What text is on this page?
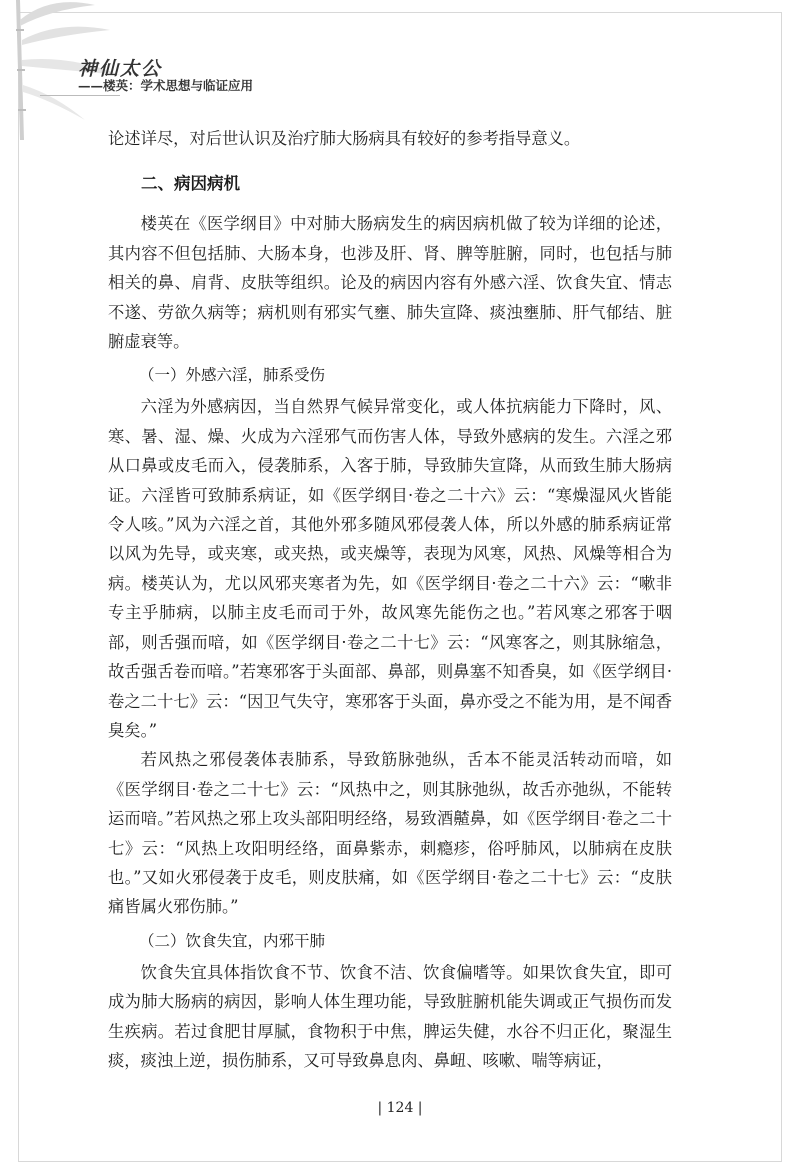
神仙太公
——楼英：学术思想与临证应用

论述详尽，对后世认识及治疗肺大肠病具有较好的参考指导意义。

二、病因病机

楼英在《医学纲目》中对肺大肠病发生的病因病机做了较为详细的论述，其内容不但包括肺、大肠本身，也涉及肝、肾、脾等脏腑，同时，也包括与肺相关的鼻、肩背、皮肤等组织。论及的病因内容有外感六淫、饮食失宜、情志不遂、劳欲久病等；病机则有邪实气壅、肺失宣降、痰浊壅肺、肝气郁结、脏腑虚衰等。

（一）外感六淫，肺系受伤

六淫为外感病因，当自然界气候异常变化，或人体抗病能力下降时，风、寒、暑、湿、燥、火成为六淫邪气而伤害人体，导致外感病的发生。六淫之邪从口鼻或皮毛而入，侵袭肺系，入客于肺，导致肺失宣降，从而致生肺大肠病证。六淫皆可致肺系病证，如《医学纲目·卷之二十六》云：“寒燥湿风火皆能令人咳。”风为六淫之首，其他外邪多随风邪侵袭人体，所以外感的肺系病证常以风为先导，或夹寒，或夹热，或夹燥等，表现为风寒，风热、风燥等相合为病。楼英认为，尤以风邪夹寒者为先，如《医学纲目·卷之二十六》云：“嗽非专主乎肺病，以肺主皮毛而司于外，故风寒先能伤之也。”若风寒之邪客于咽部，则舌强而喑，如《医学纲目·卷之二十七》云：“风寒客之，则其脉缩急，故舌强舌卷而喑。”若寒邪客于头面部、鼻部，则鼻塞不知香臭，如《医学纲目·卷之二十七》云：“因卫气失守，寒邪客于头面，鼻亦受之不能为用，是不闻香臭矣。”

若风热之邪侵袭体表肺系，导致筋脉弛纵，舌本不能灵活转动而喑，如《医学纲目·卷之二十七》云：“风热中之，则其脉弛纵，故舌亦弛纵，不能转运而喑。”若风热之邪上攻头部阳明经络，易致酒齄鼻，如《医学纲目·卷之二十七》云：“风热上攻阳明经络，面鼻紫赤，刺瘾疹，俗呼肺风，以肺病在皮肤也。”又如火邪侵袭于皮毛，则皮肤痛，如《医学纲目·卷之二十七》云：“皮肤痛皆属火邪伤肺。”

（二）饮食失宜，内邪干肺

饮食失宜具体指饮食不节、饮食不洁、饮食偏嗜等。如果饮食失宜，即可成为肺大肠病的病因，影响人体生理功能，导致脏腑机能失调或正气损伤而发生疾病。若过食肥甘厚腻，食物积于中焦，脾运失健，水谷不归正化，聚湿生痰，痰浊上逆，损伤肺系，又可导致鼻息肉、鼻衄、咳嗽、喘等病证，

| 124 |
